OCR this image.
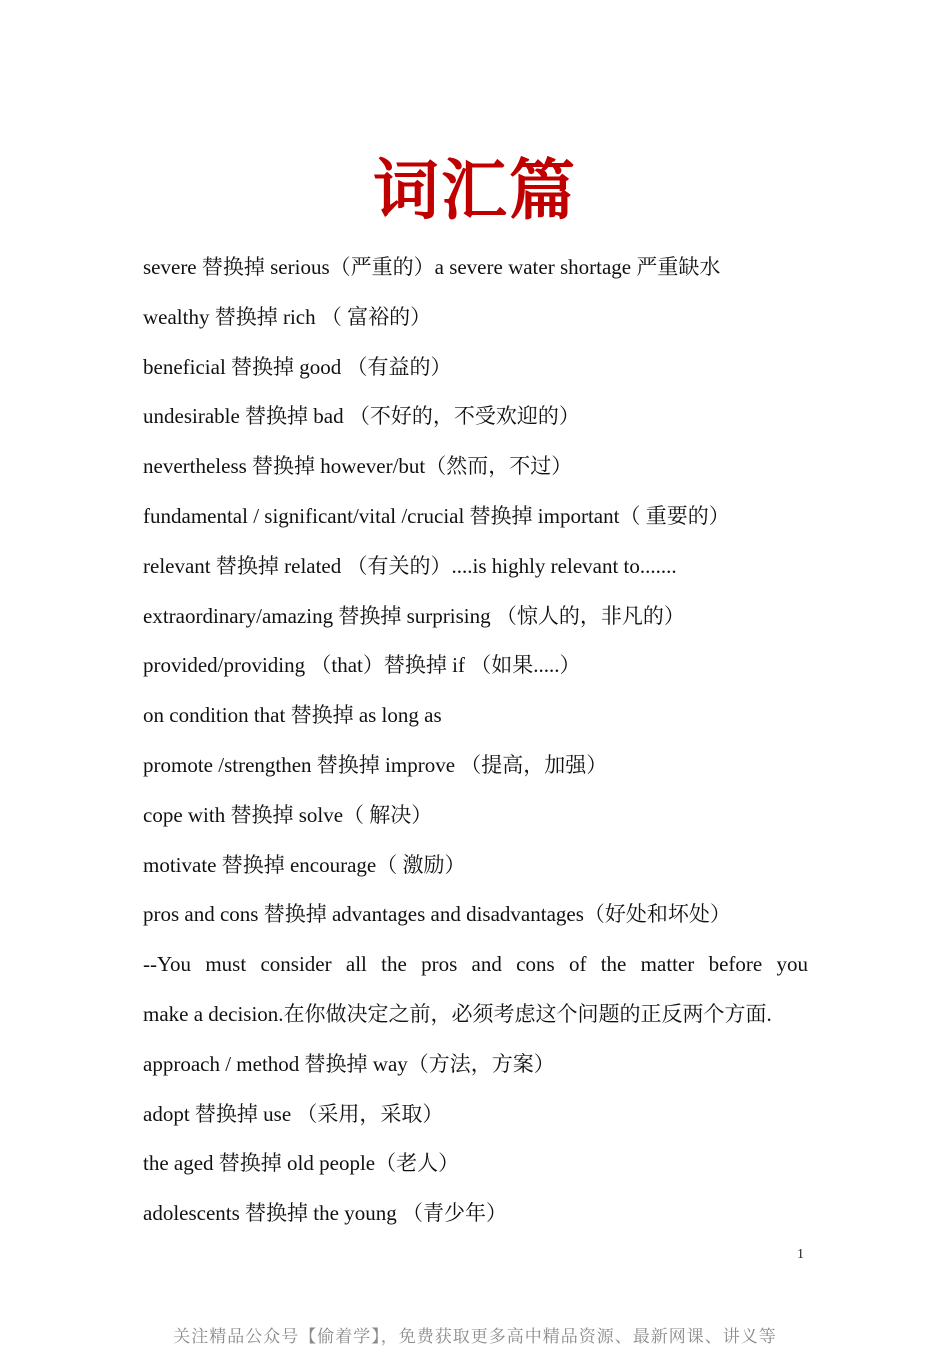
词汇篇
severe 替换掉 serious（严重的）a severe water shortage 严重缺水
wealthy 替换掉 rich （ 富裕的）
beneficial 替换掉 good （有益的）
undesirable 替换掉 bad （不好的，不受欢迎的）
nevertheless 替换掉 however/but（然而，不过）
fundamental / significant/vital /crucial 替换掉 important（ 重要的）
relevant 替换掉 related （有关的）....is highly relevant to.......
extraordinary/amazing 替换掉 surprising （惊人的，非凡的）
provided/providing （that）替换掉 if （如果.....）
on condition that 替换掉 as long as
promote /strengthen 替换掉 improve （提高，加强）
cope with 替换掉 solve（ 解决）
motivate 替换掉 encourage（ 激励）
pros and cons 替换掉 advantages and disadvantages（好处和坏处）
--You must consider all the pros and cons of the matter before you
make a decision.在你做决定之前，必须考虑这个问题的正反两个方面.
approach / method 替换掉 way（方法，方案）
adopt 替换掉 use （采用，采取）
the aged 替换掉 old people（老人）
adolescents 替换掉 the young （青少年）
1
关注精品公众号【偷着学】，免费获取更多高中精品资源、最新网课、讲义等
